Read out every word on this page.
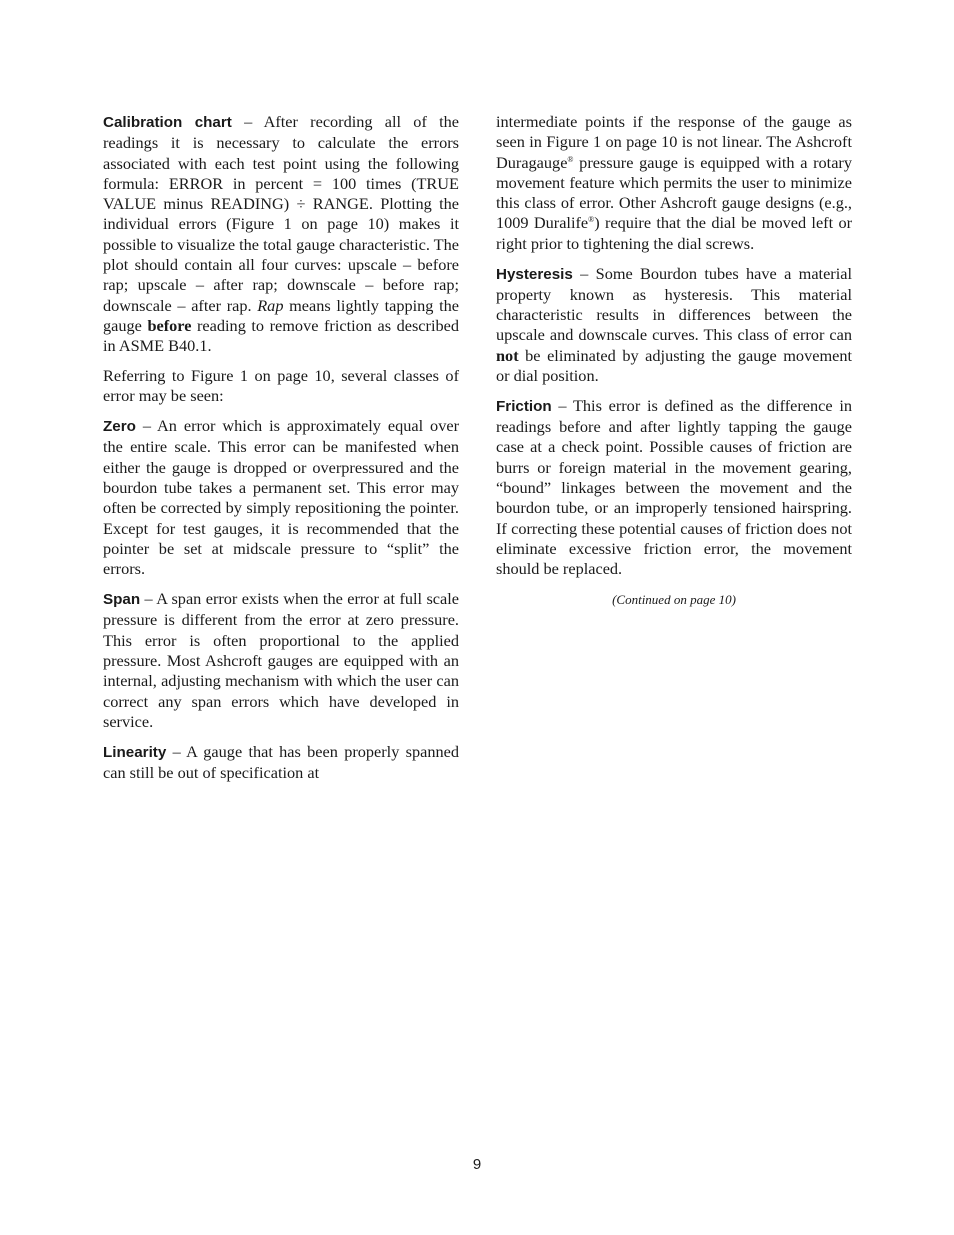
Calibration chart – After recording all of the readings it is necessary to calculate the errors associated with each test point using the following formula: ERROR in percent = 100 times (TRUE VALUE minus READING) ÷ RANGE. Plotting the individual errors (Figure 1 on page 10) makes it possible to visualize the total gauge characteristic. The plot should contain all four curves: upscale – before rap; upscale – after rap; downscale – before rap; downscale – after rap. Rap means lightly tapping the gauge before reading to remove friction as described in ASME B40.1.

Referring to Figure 1 on page 10, several classes of error may be seen:

Zero – An error which is approximately equal over the entire scale. This error can be manifested when either the gauge is dropped or overpressured and the bourdon tube takes a permanent set. This error may often be corrected by simply repositioning the pointer. Except for test gauges, it is recommended that the pointer be set at midscale pressure to “split” the errors.

Span – A span error exists when the error at full scale pressure is different from the error at zero pressure. This error is often proportional to the applied pressure. Most Ashcroft gauges are equipped with an internal, adjusting mechanism with which the user can correct any span errors which have developed in service.

Linearity – A gauge that has been properly spanned can still be out of specification at

intermediate points if the response of the gauge as seen in Figure 1 on page 10 is not linear. The Ashcroft Duragauge® pressure gauge is equipped with a rotary movement feature which permits the user to minimize this class of error. Other Ashcroft gauge designs (e.g., 1009 Duralife®) require that the dial be moved left or right prior to tightening the dial screws.

Hysteresis – Some Bourdon tubes have a material property known as hysteresis. This material characteristic results in differences between the upscale and downscale curves. This class of error can not be eliminated by adjusting the gauge movement or dial position.

Friction – This error is defined as the difference in readings before and after lightly tapping the gauge case at a check point. Possible causes of friction are burrs or foreign material in the movement gearing, “bound” linkages between the movement and the bourdon tube, or an improperly tensioned hairspring. If correcting these potential causes of friction does not eliminate excessive friction error, the movement should be replaced.

(Continued on page 10)
9
